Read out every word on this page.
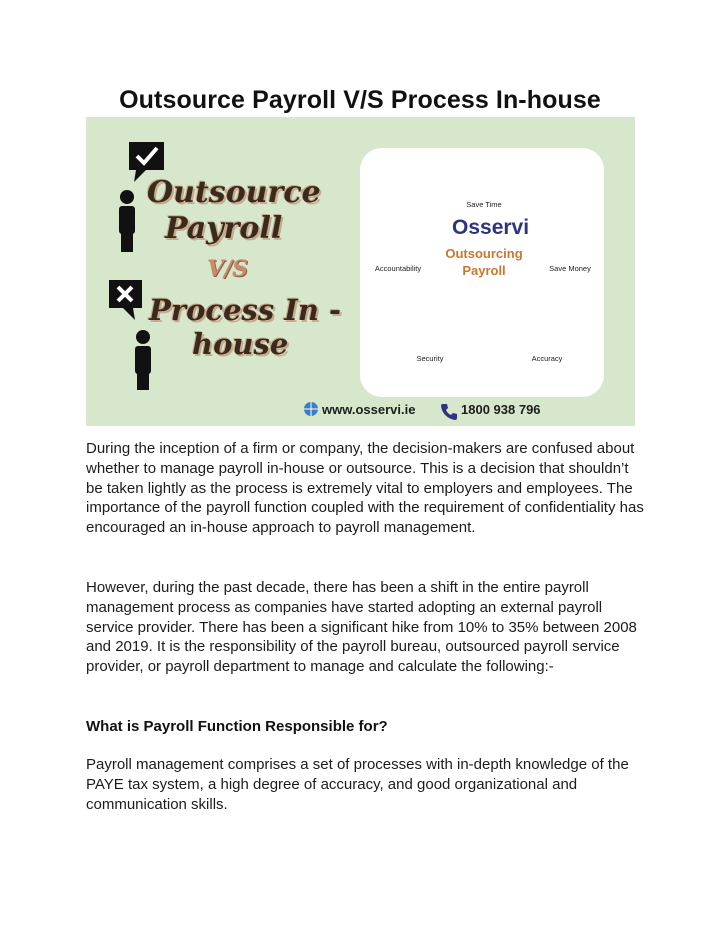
Outsource Payroll V/S Process In-house
Outsource
Payroll
V/S
Process In -
house
Osservi
Outsourcing
Payroll
Save Time
Save Money
Accuracy
Security
Accountability
www.osservi.ie	1800 938 796

During the inception of a firm or company, the decision-makers are confused about whether to manage payroll in-house or outsource. This is a decision that shouldn’t be taken lightly as the process is extremely vital to employers and employees. The importance of the payroll function coupled with the requirement of confidentiality has encouraged an in-house approach to payroll management.

However, during the past decade, there has been a shift in the entire payroll management process as companies have started adopting an external payroll service provider. There has been a significant hike from 10% to 35% between 2008 and 2019. It is the responsibility of the payroll bureau, outsourced payroll service provider, or payroll department to manage and calculate the following:-

What is Payroll Function Responsible for?

Payroll management comprises a set of processes with in-depth knowledge of the PAYE tax system, a high degree of accuracy, and good organizational and communication skills.
